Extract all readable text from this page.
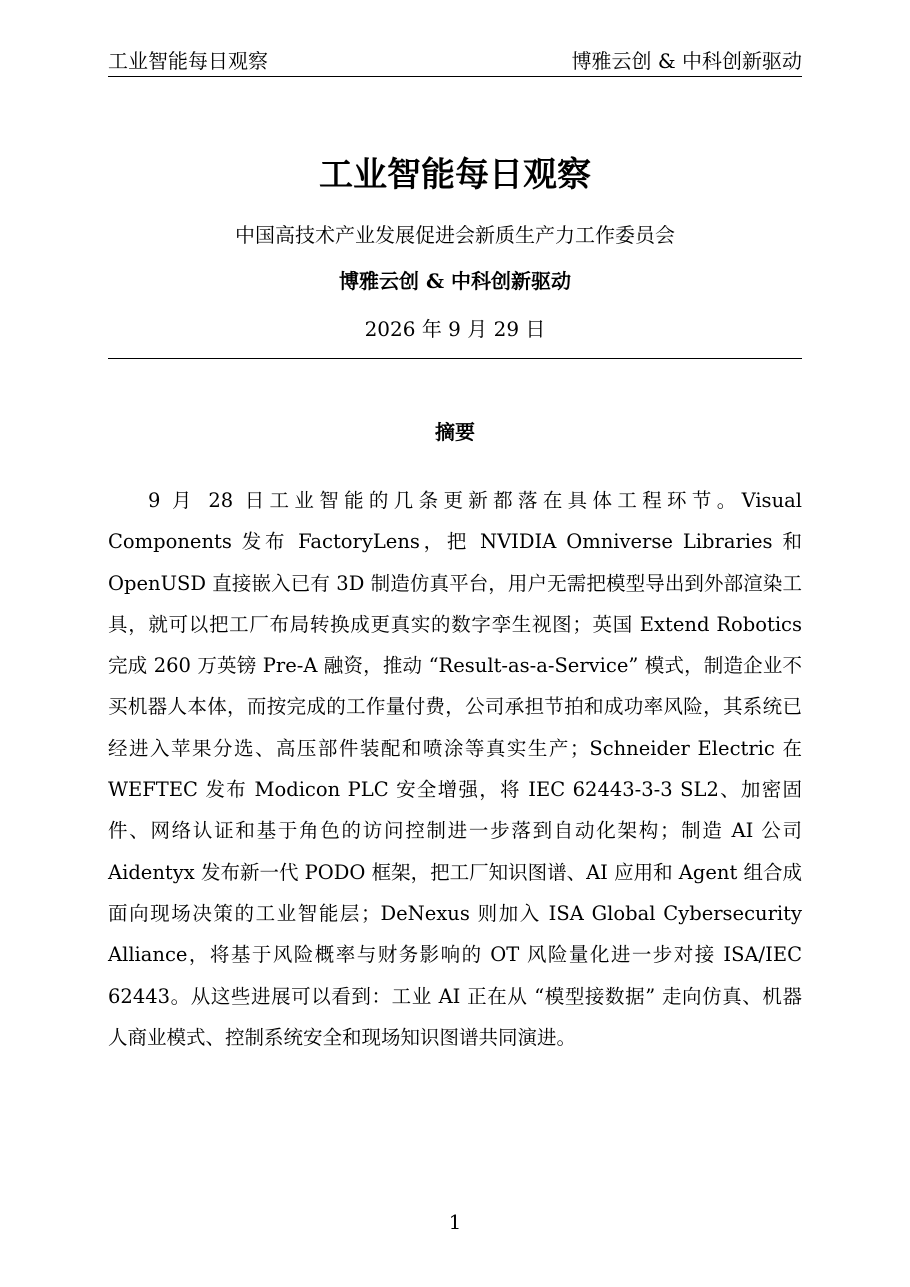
工业智能每日观察	博雅云创 & 中科创新驱动
工业智能每日观察
中国高技术产业发展促进会新质生产力工作委员会
博雅云创 & 中科创新驱动
2026 年 9 月 29 日
摘要

9 月 28 日工业智能的几条更新都落在具体工程环节。Visual Components 发布 FactoryLens，把 NVIDIA Omniverse Libraries 和 OpenUSD 直接嵌入已有 3D 制造仿真平台，用户无需把模型导出到外部渲染工具，就可以把工厂布局转换成更真实的数字孪生视图；英国 Extend Robotics 完成 260 万英镑 Pre-A 融资，推动 “Result-as-a-Service” 模式，制造企业不买机器人本体，而按完成的工作量付费，公司承担节拍和成功率风险，其系统已经进入苹果分选、高压部件装配和喷涂等真实生产；Schneider Electric 在 WEFTEC 发布 Modicon PLC 安全增强，将 IEC 62443-3-3 SL2、加密固件、网络认证和基于角色的访问控制进一步落到自动化架构；制造 AI 公司 Aidentyx 发布新一代 PODO 框架，把工厂知识图谱、AI 应用和 Agent 组合成面向现场决策的工业智能层；DeNexus 则加入 ISA Global Cybersecurity Alliance，将基于风险概率与财务影响的 OT 风险量化进一步对接 ISA/IEC 62443。从这些进展可以看到：工业 AI 正在从 “模型接数据” 走向仿真、机器人商业模式、控制系统安全和现场知识图谱共同演进。

1
